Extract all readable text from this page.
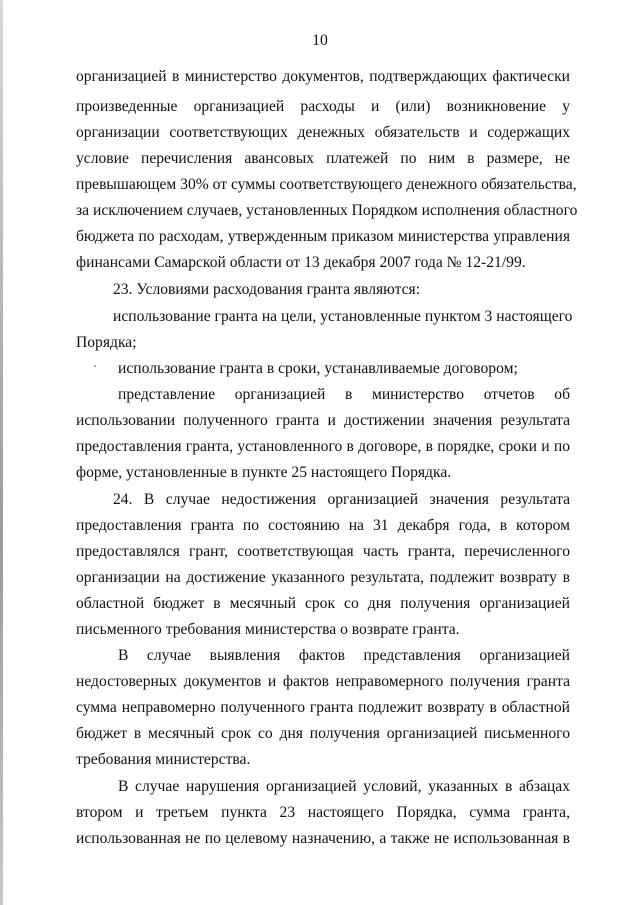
10
организацией в министерство документов, подтверждающих фактически
произведенные организацией расходы и (или) возникновение у
организации соответствующих денежных обязательств и содержащих
условие перечисления авансовых платежей по ним в размере, не
превышающем 30% от суммы соответствующего денежного обязательства,
за исключением случаев, установленных Порядком исполнения областного
бюджета по расходам, утвержденным приказом министерства управления
финансами Самарской области от 13 декабря 2007 года № 12-21/99.
23. Условиями расходования гранта являются:
использование гранта на цели, установленные пунктом 3 настоящего
Порядка;
использование гранта в сроки, устанавливаемые договором;
представление организацией в министерство отчетов об
использовании полученного гранта и достижении значения результата
предоставления гранта, установленного в договоре, в порядке, сроки и по
форме, установленные в пункте 25 настоящего Порядка.
24. В случае недостижения организацией значения результата
предоставления гранта по состоянию на 31 декабря года, в котором
предоставлялся грант, соответствующая часть гранта, перечисленного
организации на достижение указанного результата, подлежит возврату в
областной бюджет в месячный срок со дня получения организацией
письменного требования министерства о возврате гранта.
В случае выявления фактов представления организацией
недостоверных документов и фактов неправомерного получения гранта
сумма неправомерно полученного гранта подлежит возврату в областной
бюджет в месячный срок со дня получения организацией письменного
требования министерства.
В случае нарушения организацией условий, указанных в абзацах
втором и третьем пункта 23 настоящего Порядка, сумма гранта,
использованная не по целевому назначению, а также не использованная в
